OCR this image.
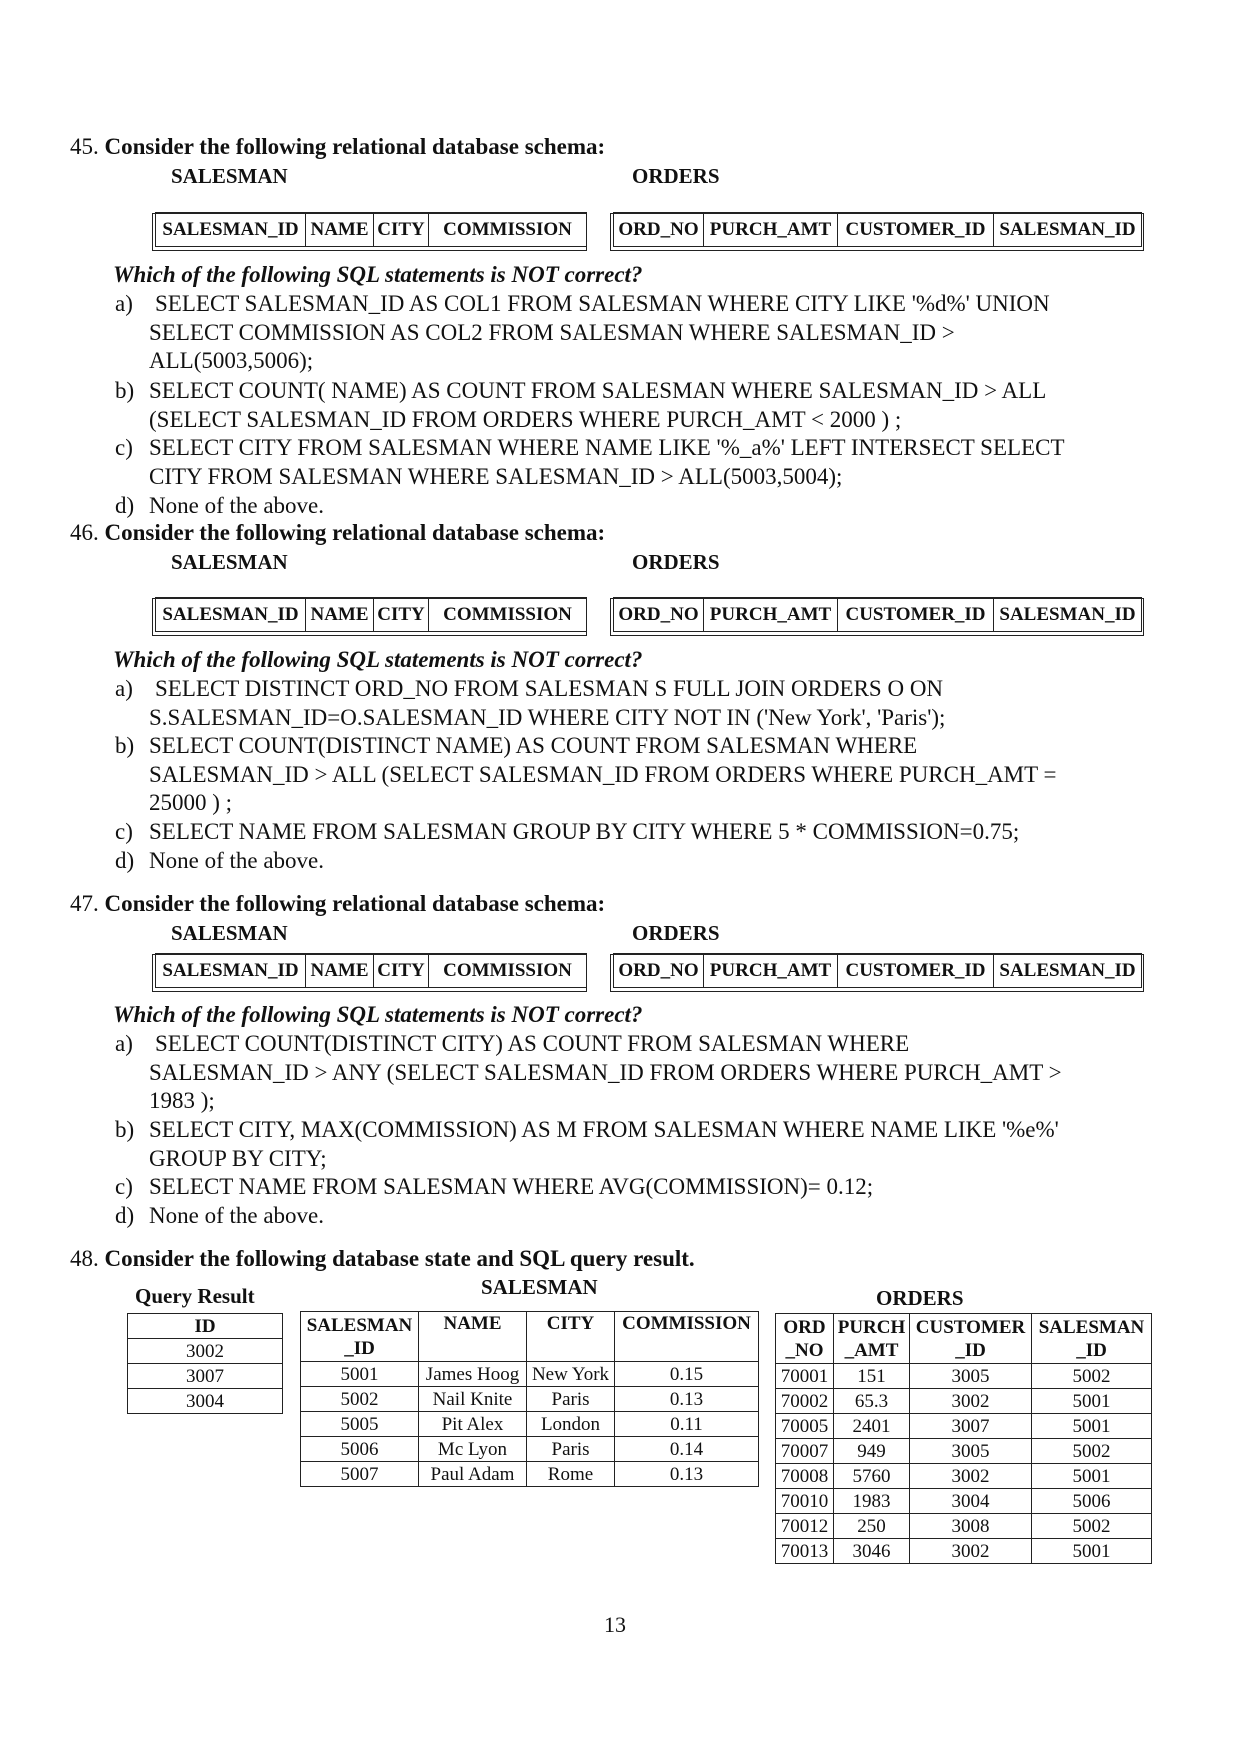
45. Consider the following relational database schema:
SALESMAN	ORDERS
SALESMAN_ID	NAME	CITY	COMMISSION ORD_NO	PURCH_AMT	CUSTOMER_ID	SALESMAN_ID
Which of the following SQL statements is NOT correct?
a) SELECT SALESMAN_ID AS COL1 FROM SALESMAN WHERE CITY LIKE '%d%' UNION
SELECT COMMISSION AS COL2 FROM SALESMAN WHERE SALESMAN_ID >
ALL(5003,5006);
b) SELECT COUNT( NAME) AS COUNT FROM SALESMAN WHERE SALESMAN_ID > ALL
(SELECT SALESMAN_ID FROM ORDERS WHERE PURCH_AMT < 2000 ) ;
c) SELECT CITY FROM SALESMAN WHERE NAME LIKE '%_a%' LEFT INTERSECT SELECT
CITY FROM SALESMAN WHERE SALESMAN_ID > ALL(5003,5004);
d) None of the above.
46. Consider the following relational database schema:
SALESMAN	ORDERS
SALESMAN_ID	NAME	CITY	COMMISSION ORD_NO	PURCH_AMT	CUSTOMER_ID	SALESMAN_ID
Which of the following SQL statements is NOT correct?
a) SELECT DISTINCT ORD_NO FROM SALESMAN S FULL JOIN ORDERS O ON
S.SALESMAN_ID=O.SALESMAN_ID WHERE CITY NOT IN ('New York', 'Paris');
b) SELECT COUNT(DISTINCT NAME) AS COUNT FROM SALESMAN WHERE
SALESMAN_ID > ALL (SELECT SALESMAN_ID FROM ORDERS WHERE PURCH_AMT =
25000 ) ;
c) SELECT NAME FROM SALESMAN GROUP BY CITY WHERE 5 * COMMISSION=0.75;
d) None of the above.
47. Consider the following relational database schema:
SALESMAN	ORDERS
SALESMAN_ID	NAME	CITY	COMMISSION ORD_NO	PURCH_AMT	CUSTOMER_ID	SALESMAN_ID
Which of the following SQL statements is NOT correct?
a) SELECT COUNT(DISTINCT CITY) AS COUNT FROM SALESMAN WHERE
SALESMAN_ID > ANY (SELECT SALESMAN_ID FROM ORDERS WHERE PURCH_AMT >
1983 );
b) SELECT CITY, MAX(COMMISSION) AS M FROM SALESMAN WHERE NAME LIKE '%e%'
GROUP BY CITY;
c) SELECT NAME FROM SALESMAN WHERE AVG(COMMISSION)= 0.12;
d) None of the above.
48. Consider the following database state and SQL query result.
Query Result	SALESMAN	ORDERS
ID
3002
3007
3004
SALESMAN
_ID	NAME	CITY	COMMISSION
5001	James Hoog	New York	0.15
5002	Nail Knite	Paris	0.13
5005	Pit Alex	London	0.11
5006	Mc Lyon	Paris	0.14
5007	Paul Adam	Rome	0.13
ORD
_NO	PURCH
_AMT	CUSTOMER
_ID	SALESMAN
_ID
70001	151	3005	5002
70002	65.3	3002	5001
70005	2401	3007	5001
70007	949	3005	5002
70008	5760	3002	5001
70010	1983	3004	5006
70012	250	3008	5002
70013	3046	3002	5001
13
